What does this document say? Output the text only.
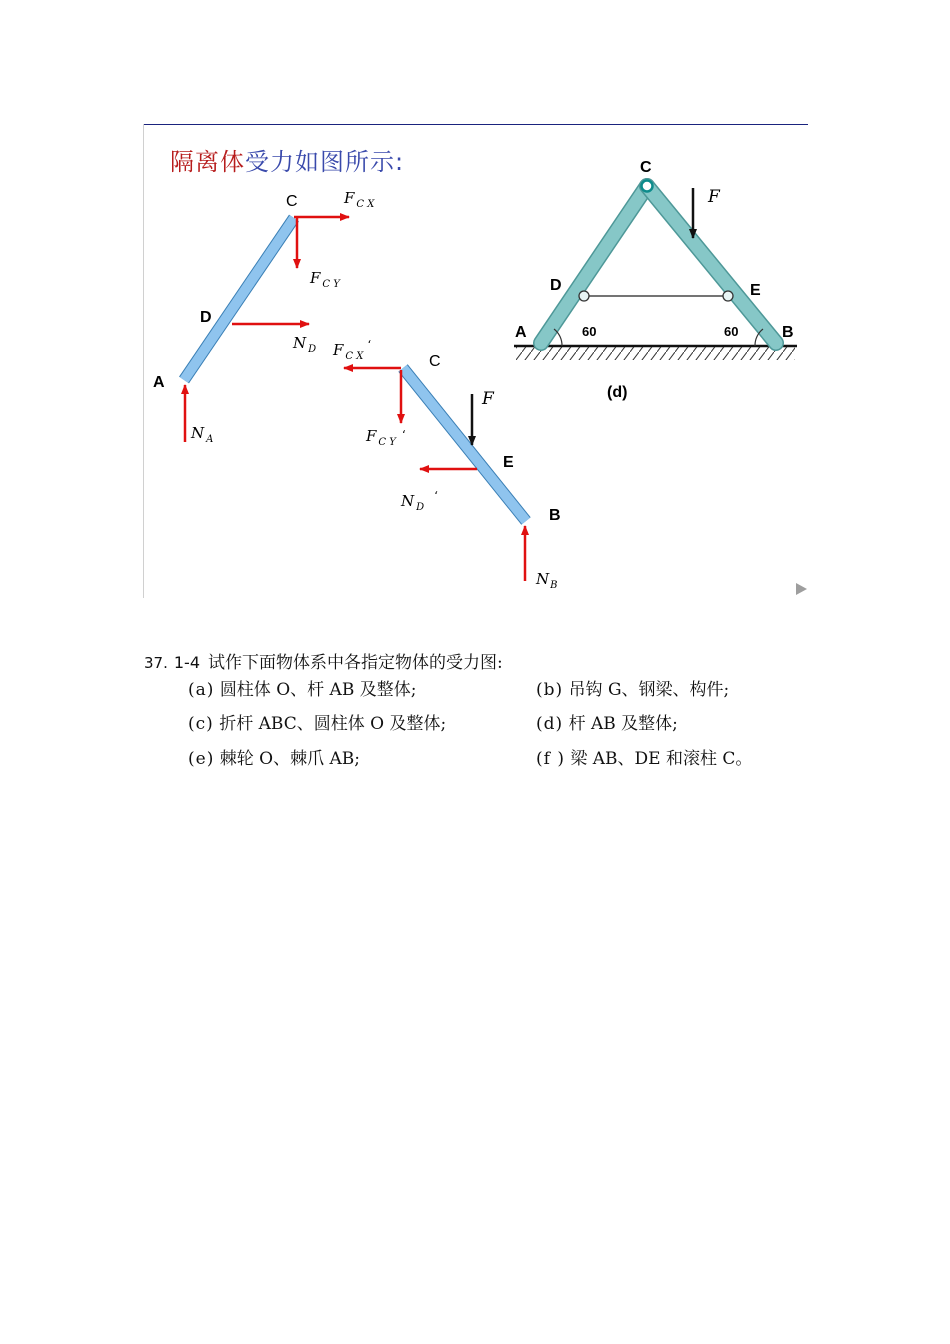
隔离体受力如图所示:
C
D
A
F $_{C X}$
F $_{C Y}$
N $_D$
N $_A$
C
E
B
F $_{C X}$‘
F $_{C Y}$‘
F
N $_D$‘
$N_B$
C
F
D	E
A	B
60	60
(d)
37. 1-4 试作下面物体系中各指定物体的受力图:
(a) 圆柱体 O、杆 AB 及整体;	(b) 吊钩 G、钢梁、构件;
(c) 折杆 ABC、圆柱体 O 及整体;	(d) 杆 AB 及整体;
(e) 棘轮 O、棘爪 AB;	(f ) 梁 AB、DE 和滚柱 C。
